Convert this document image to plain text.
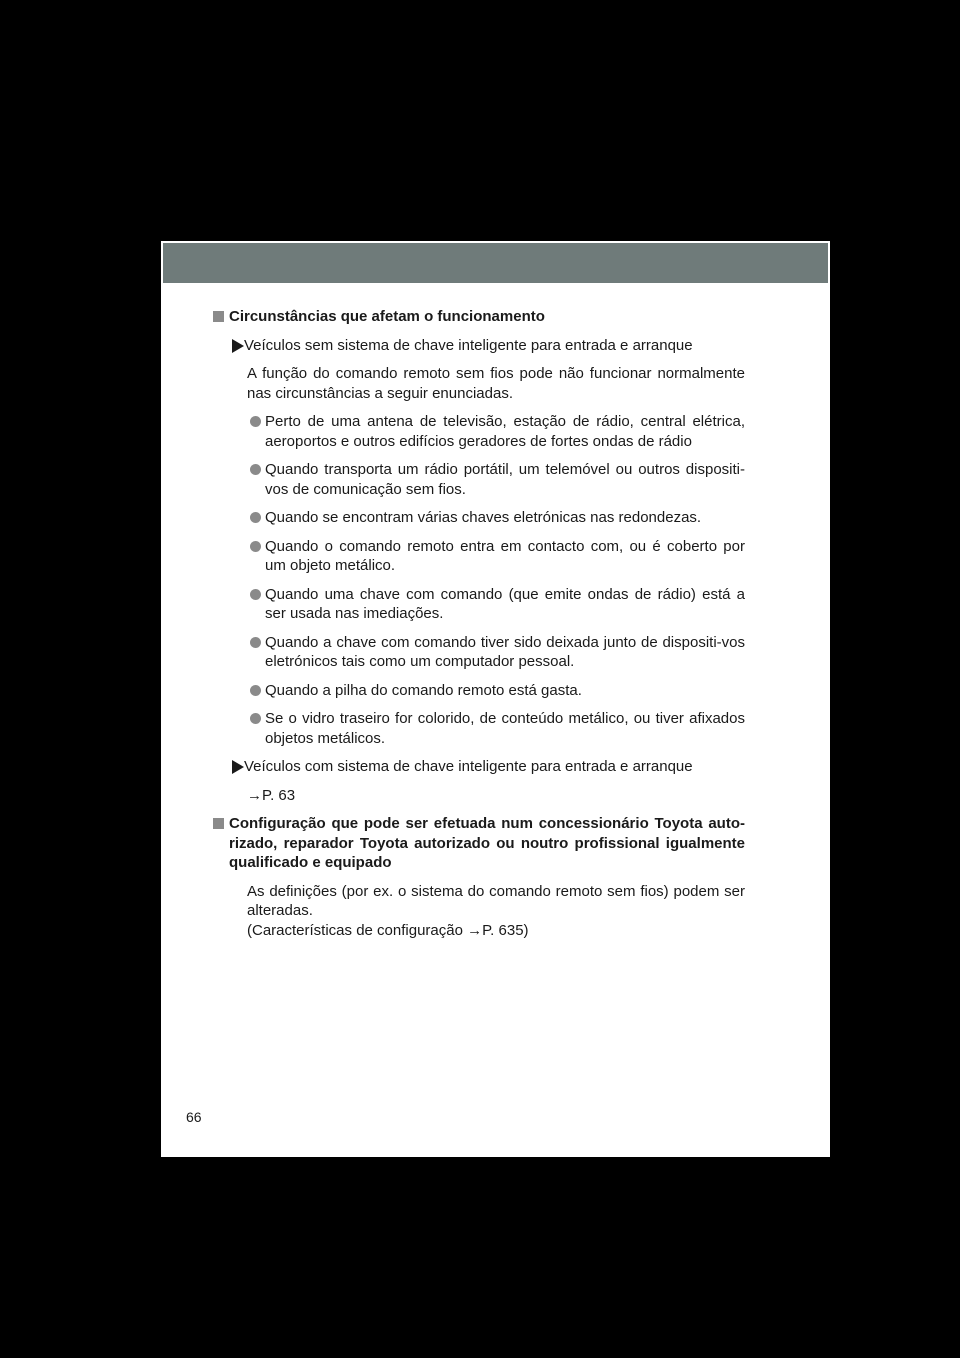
Circunstâncias que afetam o funcionamento
Veículos sem sistema de chave inteligente para entrada e arranque

A função do comando remoto sem fios pode não funcionar normalmente nas circunstâncias a seguir enunciadas.

Perto de uma antena de televisão, estação de rádio, central elétrica, aeroportos e outros edifícios geradores de fortes ondas de rádio
Quando transporta um rádio portátil, um telemóvel ou outros dispositi-vos de comunicação sem fios.
Quando se encontram várias chaves eletrónicas nas redondezas.
Quando o comando remoto entra em contacto com, ou é coberto por um objeto metálico.
Quando uma chave com comando (que emite ondas de rádio) está a ser usada nas imediações.
Quando a chave com comando tiver sido deixada junto de dispositi-vos eletrónicos tais como um computador pessoal.
Quando a pilha do comando remoto está gasta.
Se o vidro traseiro for colorido, de conteúdo metálico, ou tiver afixados objetos metálicos.
Veículos com sistema de chave inteligente para entrada e arranque

→P. 63

Configuração que pode ser efetuada num concessionário Toyota auto-rizado, reparador Toyota autorizado ou noutro profissional igualmente qualificado e equipado

As definições (por ex. o sistema do comando remoto sem fios) podem ser alteradas.
(Características de configuração →P. 635)

66
